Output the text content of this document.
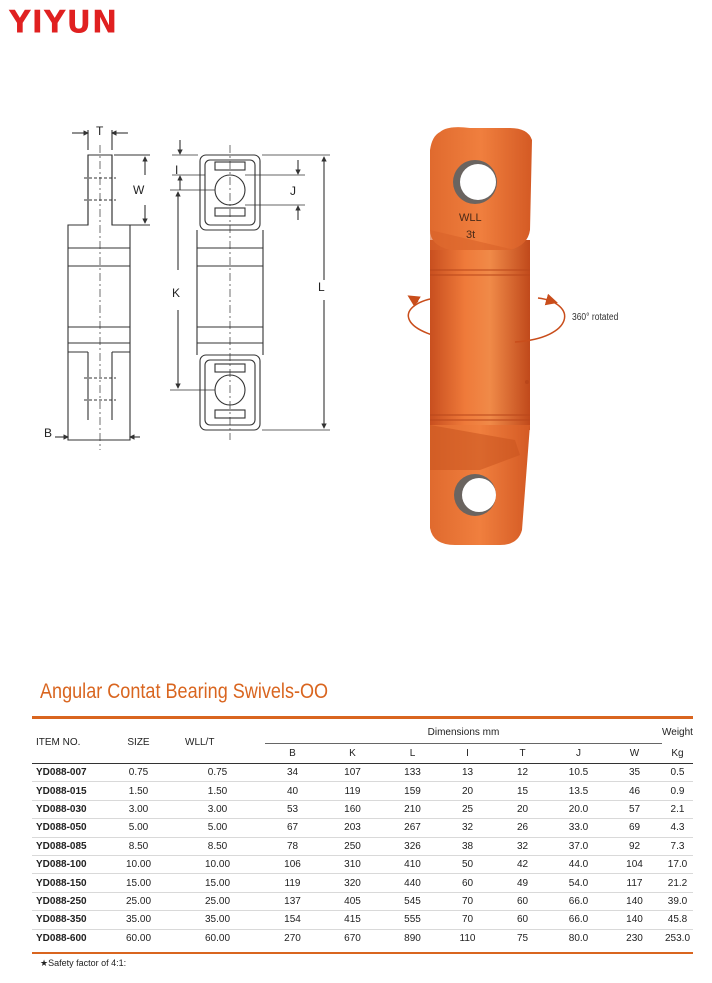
YIYUN
T
W
B
I
K
J
L
WLL
3t
360° rotated
Angular Contat Bearing Swivels-OO
ITEM NO.	SIZE	WLL/T	Dimensions mm							Weight
			B	K	L	I	T	J	W	Kg
YD088-007	0.75	0.75	34	107	133	13	12	10.5	35	0.5
YD088-015	1.50	1.50	40	119	159	20	15	13.5	46	0.9
YD088-030	3.00	3.00	53	160	210	25	20	20.0	57	2.1
YD088-050	5.00	5.00	67	203	267	32	26	33.0	69	4.3
YD088-085	8.50	8.50	78	250	326	38	32	37.0	92	7.3
YD088-100	10.00	10.00	106	310	410	50	42	44.0	104	17.0
YD088-150	15.00	15.00	119	320	440	60	49	54.0	117	21.2
YD088-250	25.00	25.00	137	405	545	70	60	66.0	140	39.0
YD088-350	35.00	35.00	154	415	555	70	60	66.0	140	45.8
YD088-600	60.00	60.00	270	670	890	110	75	80.0	230	253.0
★Safety factor of 4:1:
